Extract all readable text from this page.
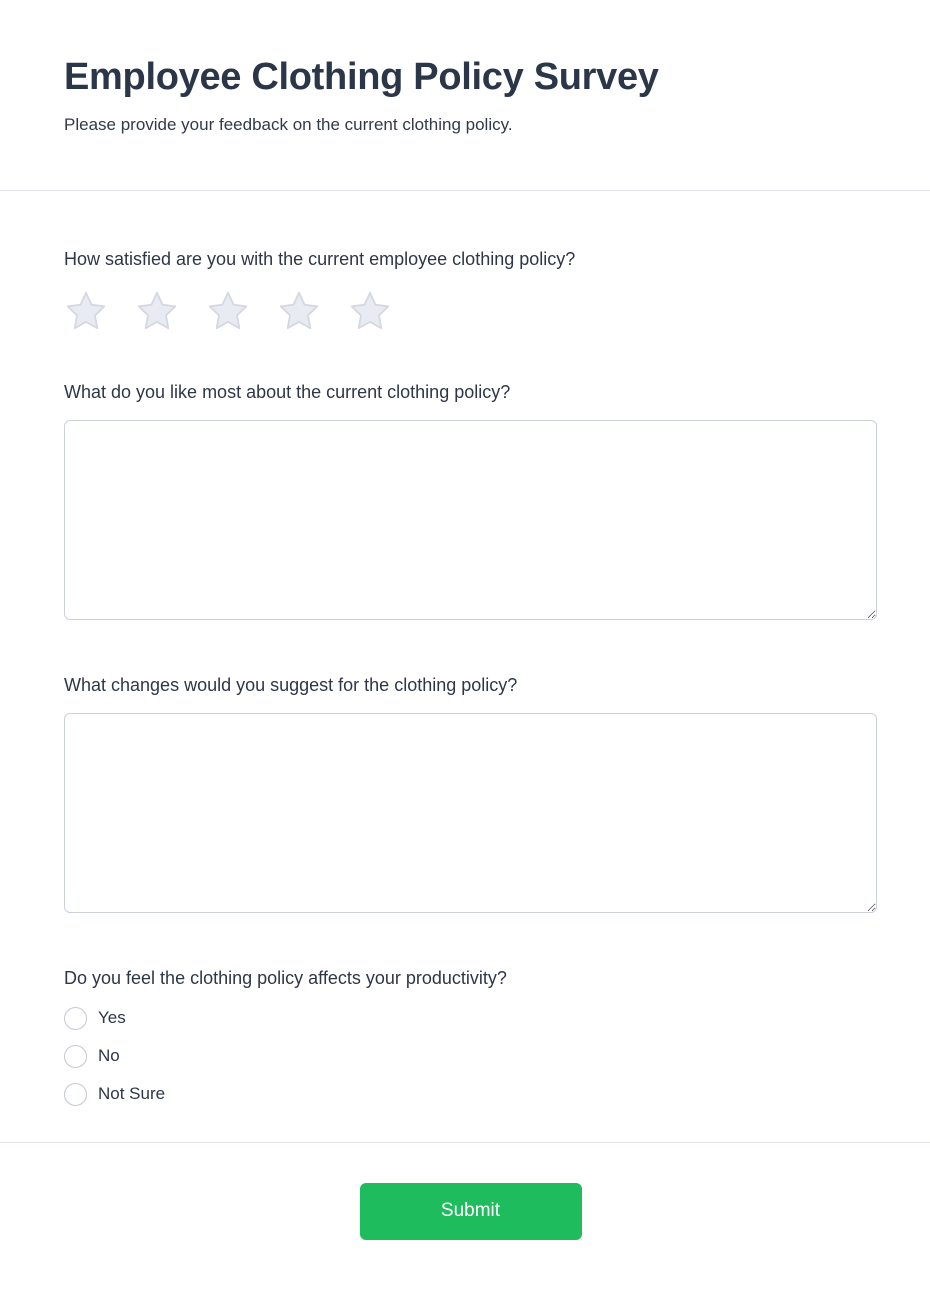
Employee Clothing Policy Survey

Please provide your feedback on the current clothing policy.

How satisfied are you with the current employee clothing policy?
What do you like most about the current clothing policy?
What changes would you suggest for the clothing policy?
Do you feel the clothing policy affects your productivity?
Yes
No
Not Sure
Submit
